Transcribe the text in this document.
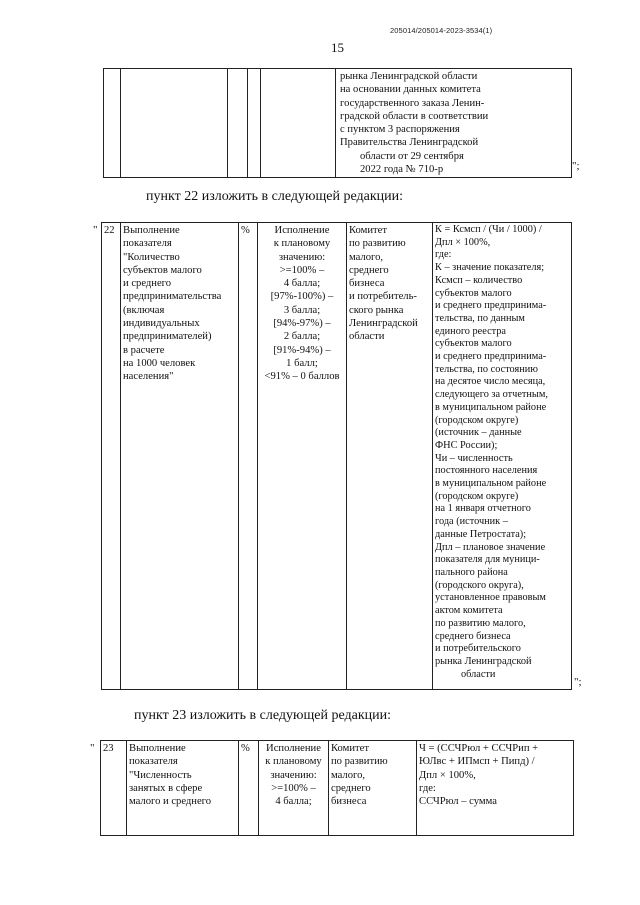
205014/205014-2023-3534(1)
15

рынка Ленинградской области
на основании данных комитета
государственного заказа Ленин-
градской области в соответствии
с пунктом 3 распоряжения
Правительства Ленинградской
области от 29 сентября
2022 года № 710-р	";
пункт 22 изложить в следующей редакции:
" 22	Выполнение
показателя
"Количество
субъектов малого
и среднего
предпринимательства
(включая
индивидуальных
предпринимателей)
в расчете
на 1000 человек
населения"
	%	Исполнение
к плановому
значению:
>=100% –
4 балла;
[97%-100%) –
3 балла;
[94%-97%) –
2 балла;
[91%-94%) –
1 балл;
<91% – 0 баллов

Комитет
по развитию
малого,
среднего
бизнеса
и потребитель-
ского рынка
Ленинградской
области

К = Ксмсп / (Чи / 1000) /
Дпл × 100%,
где:
К – значение показателя;
Ксмсп – количество
субъектов малого
и среднего предпринима-
тельства, по данным
единого реестра
субъектов малого
и среднего предпринима-
тельства, по состоянию
на десятое число месяца,
следующего за отчетным,
в муниципальном районе
(городском округе)
(источник – данные
ФНС России);
Чи – численность
постоянного населения
в муниципальном районе
(городском округе)
на 1 января отчетного
года (источник –
данные Петростата);
Дпл – плановое значение
показателя для муници-
пального района
(городского округа),
установленное правовым
актом комитета
по развитию малого,
среднего бизнеса
и потребительского
рынка Ленинградской
области
";
пункт 23 изложить в следующей редакции:
" 23	Выполнение
показателя
"Численность
занятых в сфере
малого и среднего
	%	Исполнение
к плановому
значению:
>=100% –
4 балла;

Комитет
по развитию
малого,
среднего
бизнеса

Ч = (ССЧРюл + ССЧРип +
ЮЛвс + ИПмсп + Пипд) /
Дпл × 100%,
где:
ССЧРюл – сумма
